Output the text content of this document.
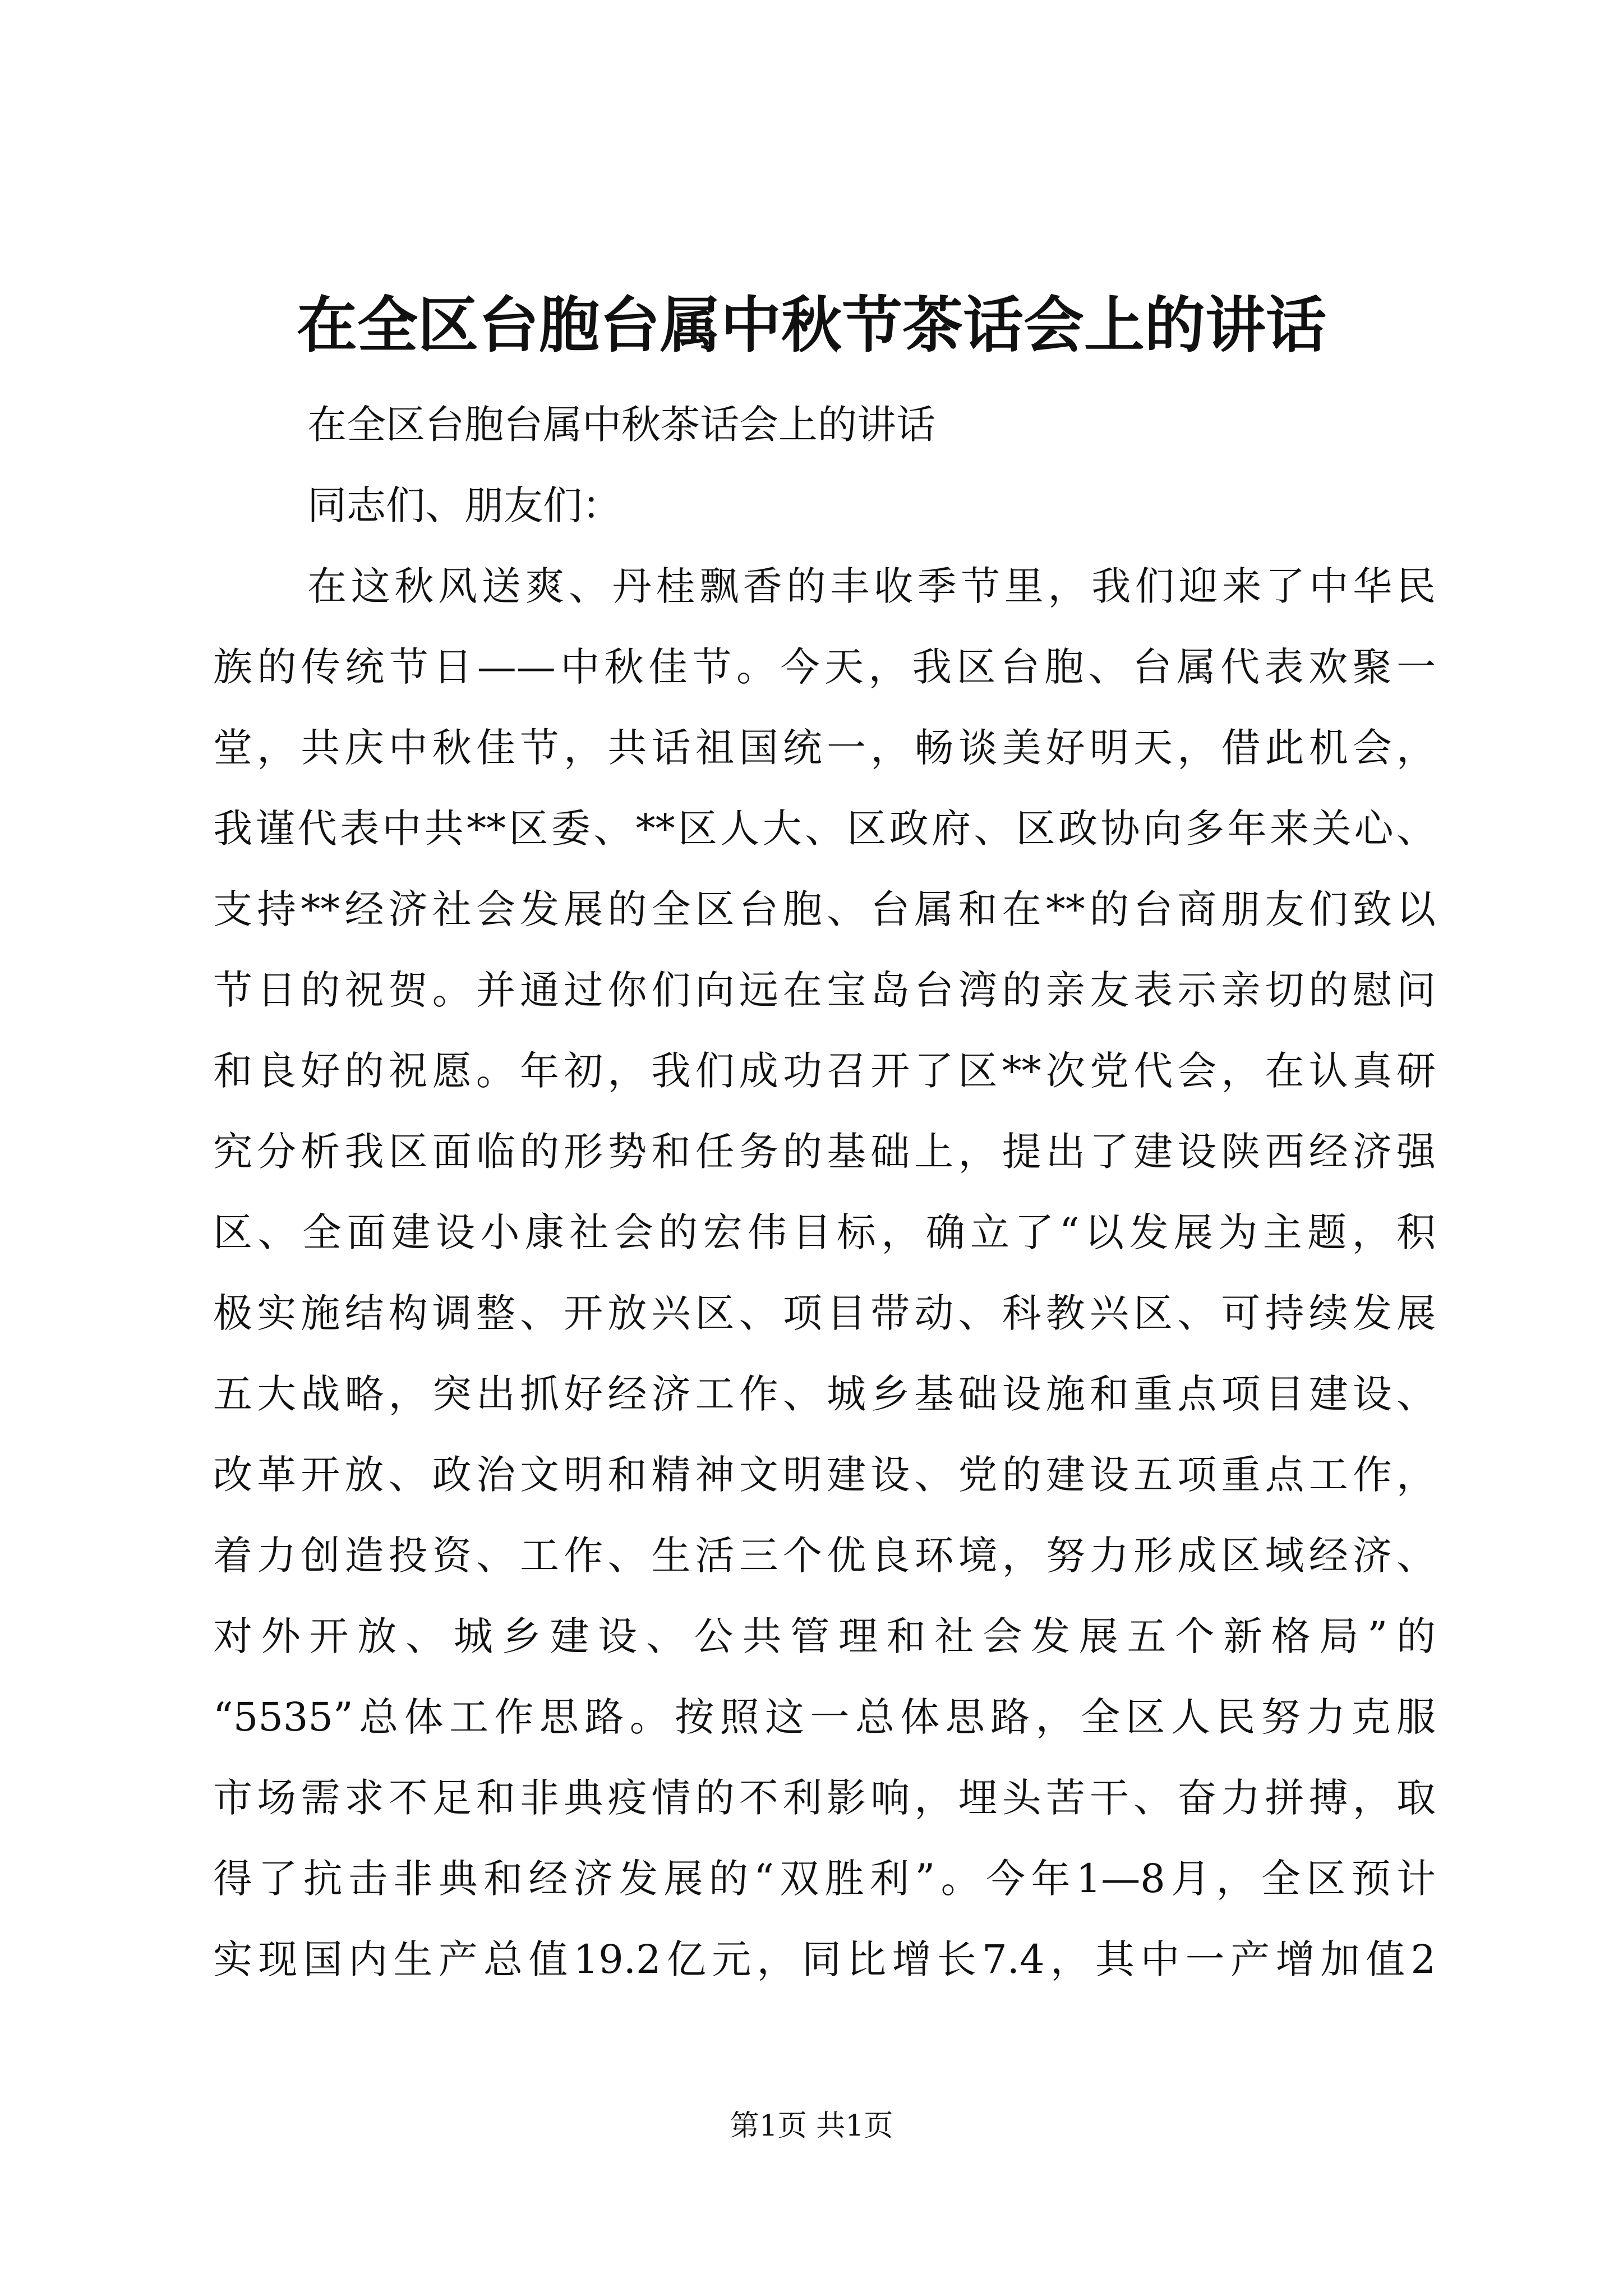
在全区台胞台属中秋节茶话会上的讲话
在全区台胞台属中秋茶话会上的讲话
同志们、朋友们：
在这秋风送爽、丹桂飘香的丰收季节里，我们迎来了中华民
族的传统节日——中秋佳节。今天，我区台胞、台属代表欢聚一
堂，共庆中秋佳节，共话祖国统一，畅谈美好明天，借此机会，
我谨代表中共**区委、**区人大、区政府、区政协向多年来关心、
支持**经济社会发展的全区台胞、台属和在**的台商朋友们致以
节日的祝贺。并通过你们向远在宝岛台湾的亲友表示亲切的慰问
和良好的祝愿。年初，我们成功召开了区**次党代会，在认真研
究分析我区面临的形势和任务的基础上，提出了建设陕西经济强
区、全面建设小康社会的宏伟目标，确立了“以发展为主题，积
极实施结构调整、开放兴区、项目带动、科教兴区、可持续发展
五大战略，突出抓好经济工作、城乡基础设施和重点项目建设、
改革开放、政治文明和精神文明建设、党的建设五项重点工作，
着力创造投资、工作、生活三个优良环境，努力形成区域经济、
对外开放、城乡建设、公共管理和社会发展五个新格局”的
“5535”总体工作思路。按照这一总体思路，全区人民努力克服
市场需求不足和非典疫情的不利影响，埋头苦干、奋力拼搏，取
得了抗击非典和经济发展的“双胜利”。今年1—8月，全区预计
实现国内生产总值19.2亿元，同比增长7.4，其中一产增加值2
第1页 共1页
